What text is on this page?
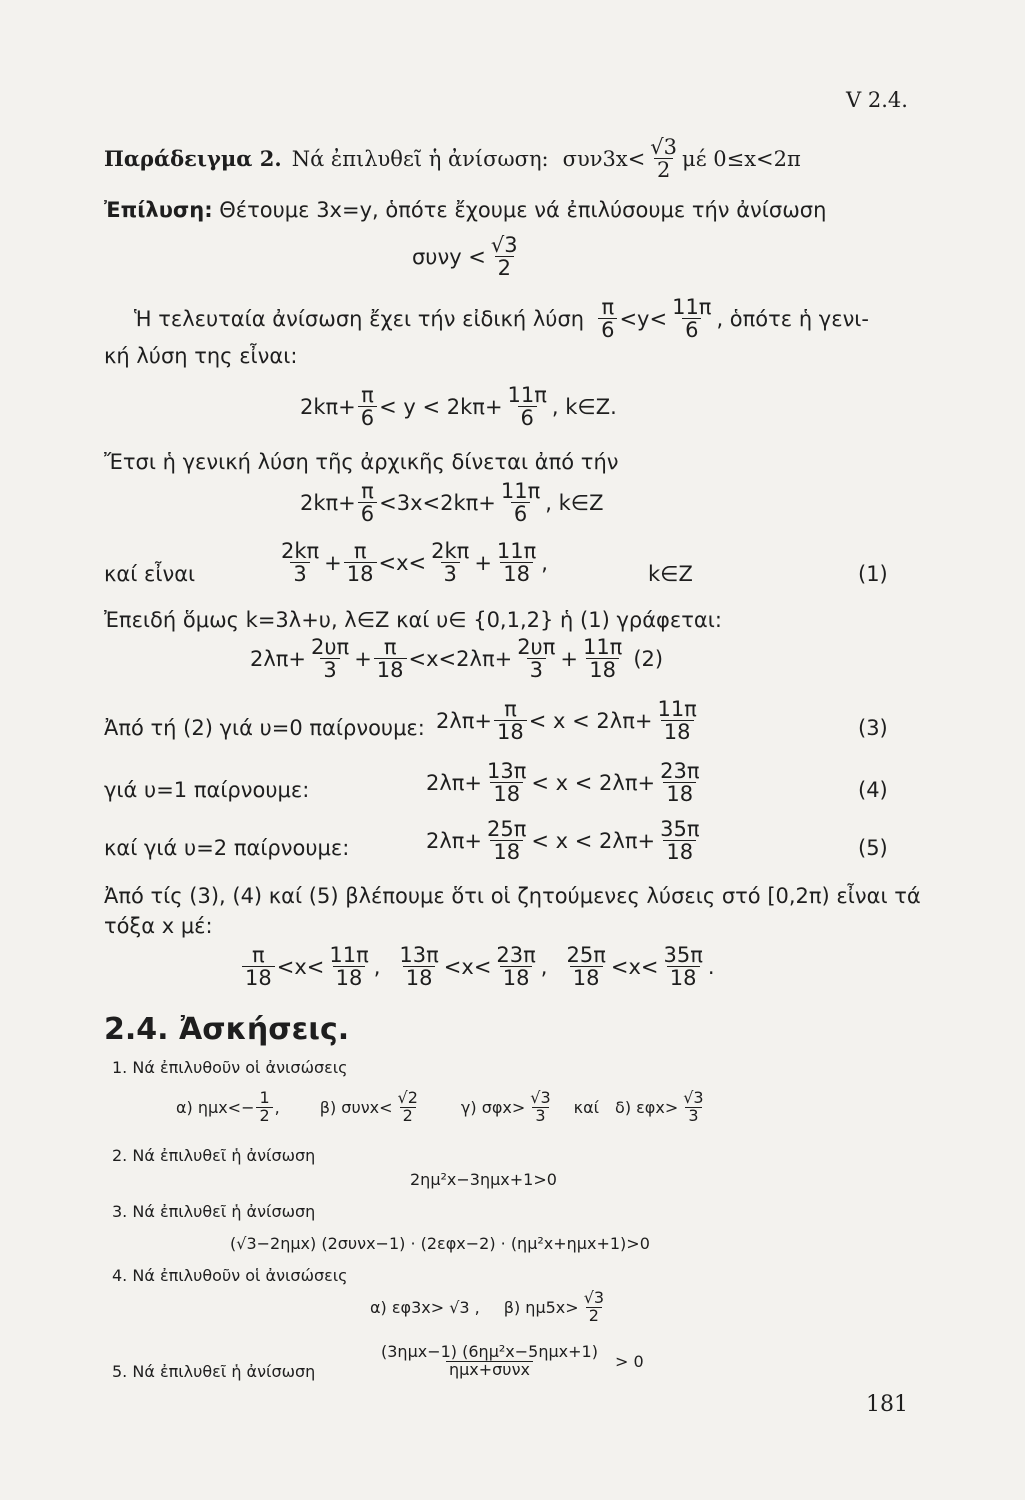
V 2.4.
Παράδειγμα 2. Νά ἐπιλυθεῖ ἡ ἀνίσωση: $\sigma\upsilon\nu 3x< \frac{√3}{2}$ μέ 0≤x<2π
Ἐπίλυση: Θέτουμε 3x=y, ὁπότε ἔχουμε νά ἐπιλύσουμε τήν ἀνίσωση
$\sigma\upsilon\nu y < \frac{√3}{2}$
Ἡ τελευταία ἀνίσωση ἔχει τήν εἰδική λύση $\frac{\pi}{6} <y< \frac{11\pi}{6}$ , ὁπότε ἡ γενι-
κή λύση της εἶναι:
$2k\pi+ \frac{\pi}{6} < y < 2k\pi+ \frac{11\pi}{6}$ , k∈Z.
Ἔτσι ἡ γενική λύση τῆς ἀρχικῆς δίνεται ἀπό τήν
$2k\pi+ \frac{\pi}{6} <3x<2k\pi+ \frac{11\pi}{6}$ , k∈Z
καί εἶναι	$\frac{2k\pi}{3} + \frac{\pi}{18} <x< \frac{2k\pi}{3} + \frac{11\pi}{18}$ ,	k∈Z	(1)
Ἐπειδή ὅμως k=3λ+υ, λ∈Z καί υ∈ {0,1,2} ἡ (1) γράφεται:
$2\lambda\pi+ \frac{2\upsilon\pi}{3} + \frac{\pi}{18} <x<2\lambda\pi+ \frac{2\upsilon\pi}{3} + \frac{11\pi}{18} (2)$
Ἀπό τή (2) γιά υ=0 παίρνουμε: $2\lambda\pi+ \frac{\pi}{18} < x < 2\lambda\pi+ \frac{11\pi}{18}$	(3)
γιά υ=1 παίρνουμε:	$2\lambda\pi+ \frac{13\pi}{18} < x < 2\lambda\pi+ \frac{23\pi}{18}$	(4)
καί γιά υ=2 παίρνουμε:	$2\lambda\pi+ \frac{25\pi}{18} < x < 2\lambda\pi+ \frac{35\pi}{18}$	(5)
Ἀπό τίς (3), (4) καί (5) βλέπουμε ὅτι οἱ ζητούμενες λύσεις στό [0,2π) εἶναι τά
τόξα x μέ:
$\frac{\pi}{18} <x< \frac{11\pi}{18}$ , $\frac{13\pi}{18} <x< \frac{23\pi}{18}$ , $\frac{25\pi}{18} <x< \frac{35\pi}{18}$ .
2.4. Ἀσκήσεις.
1. Νά ἐπιλυθοῦν οἱ ἀνισώσεις
α) $\eta\mu x<- \frac{1}{2}$ ,	β) $\sigma\upsilon\nu x< \frac{√2}{2}$	γ) $\sigma\varphi x> \frac{√3}{3}$ καί δ) $\varepsilon\varphi x> \frac{√3}{3}$
2. Νά ἐπιλυθεῖ ἡ ἀνίσωση
2ημ²x−3ημx+1>0
3. Νά ἐπιλυθεῖ ἡ ἀνίσωση
(√3−2ημx) (2συνx−1) · (2εφx−2) · (ημ²x+ημx+1)>0
4. Νά ἐπιλυθοῦν οἱ ἀνισώσεις
α) εφ3x> √3 , β) $\eta\mu 5x> \frac{√3}{2}$
5. Νά ἐπιλυθεῖ ἡ ἀνίσωση	$\frac{\text{(3ημx−1) (6ημ²x−5ημx+1)}}{\text{ημx+συνx}} > 0$
181
